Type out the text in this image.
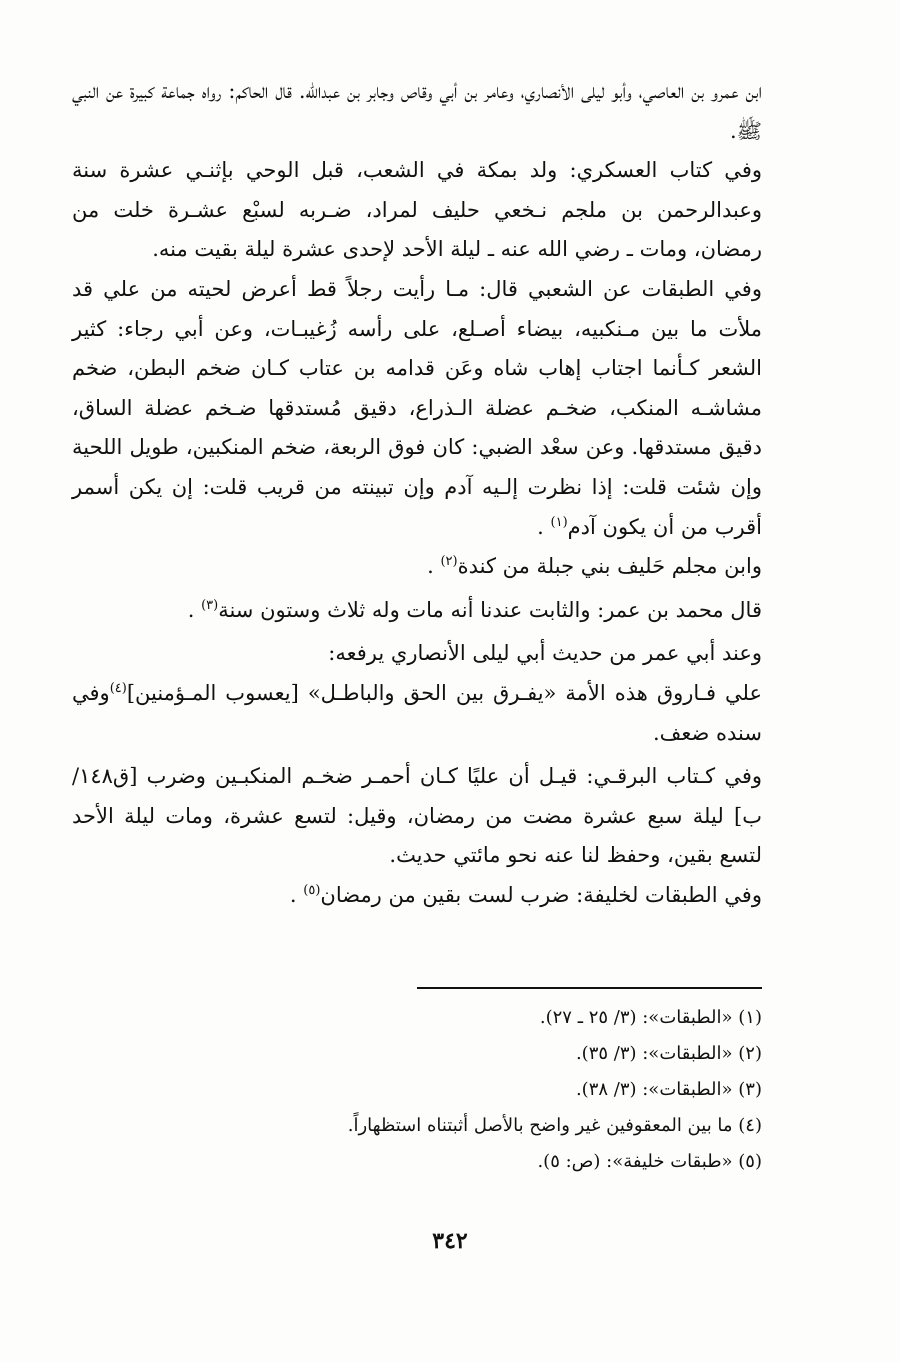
ابن عمرو بن العاصي، وأبو ليلى الأنصاري، وعامر بن أبي وقاص وجابر بن عبدالله. قال الحاكم: رواه جماعة كبيرة عن النبي ﷺ.

وفي كتاب العسكري: ولد بمكة في الشعب، قبل الوحي بإثنـي عشرة سنة وعبدالرحمن بن ملجم نـخعي حليف لمراد، ضـربه لسبْع عشـرة خلت من رمضان، ومات ـ رضي الله عنه ـ ليلة الأحد لإحدى عشرة ليلة بقيت منه.

وفي الطبقات عن الشعبي قال: مـا رأيت رجلاً قط أعرض لحيته من علي قد ملأت ما بين مـنكبيه، بيضاء أصـلع، على رأسه زُغيبـات، وعن أبي رجاء: كثير الشعر كـأنما اجتاب إهاب شاه وعَن قدامه بن عتاب كـان ضخم البطن، ضخم مشاشـه المنكب، ضخـم عضلة الـذراع، دقيق مُستدقها ضـخم عضلة الساق، دقيق مستدقها. وعن سعْد الضبي: كان فوق الربعة، ضخم المنكبين، طويل اللحية وإن شئت قلت: إذا نظرت إلـيه آدم وإن تبينته من قريب قلت: إن يكن أسمر أقرب من أن يكون آدم$^{(١)}$ .

وابن مجلم حَليف بني جبلة من كندة$^{(٢)}$ .

قال محمد بن عمر: والثابت عندنا أنه مات وله ثلاث وستون سنة$^{(٣)}$ .

وعند أبي عمر من حديث أبي ليلى الأنصاري يرفعه:

علي فـاروق هذه الأمة «يفـرق بين الحق والباطـل» [يعسوب المـؤمنين]$^{(٤)}$وفي سنده ضعف.

وفي كـتاب البرقـي: قيـل أن عليًا كـان أحمـر ضخـم المنكبـين وضرب [ق١٤٨/ب] ليلة سبع عشرة مضت من رمضان، وقيل: لتسع عشرة، ومات ليلة الأحد لتسع بقين، وحفظ لنا عنه نحو مائتي حديث.

وفي الطبقات لخليفة: ضرب لست بقين من رمضان$^{(٥)}$ .

(١) «الطبقات»: (٣/ ٢٥ ـ ٢٧).
(٢) «الطبقات»: (٣/ ٣٥).
(٣) «الطبقات»: (٣/ ٣٨).
(٤) ما بين المعقوفين غير واضح بالأصل أثبتناه استظهاراً.
(٥) «طبقات خليفة»: (ص: ٥).
٣٤٢
